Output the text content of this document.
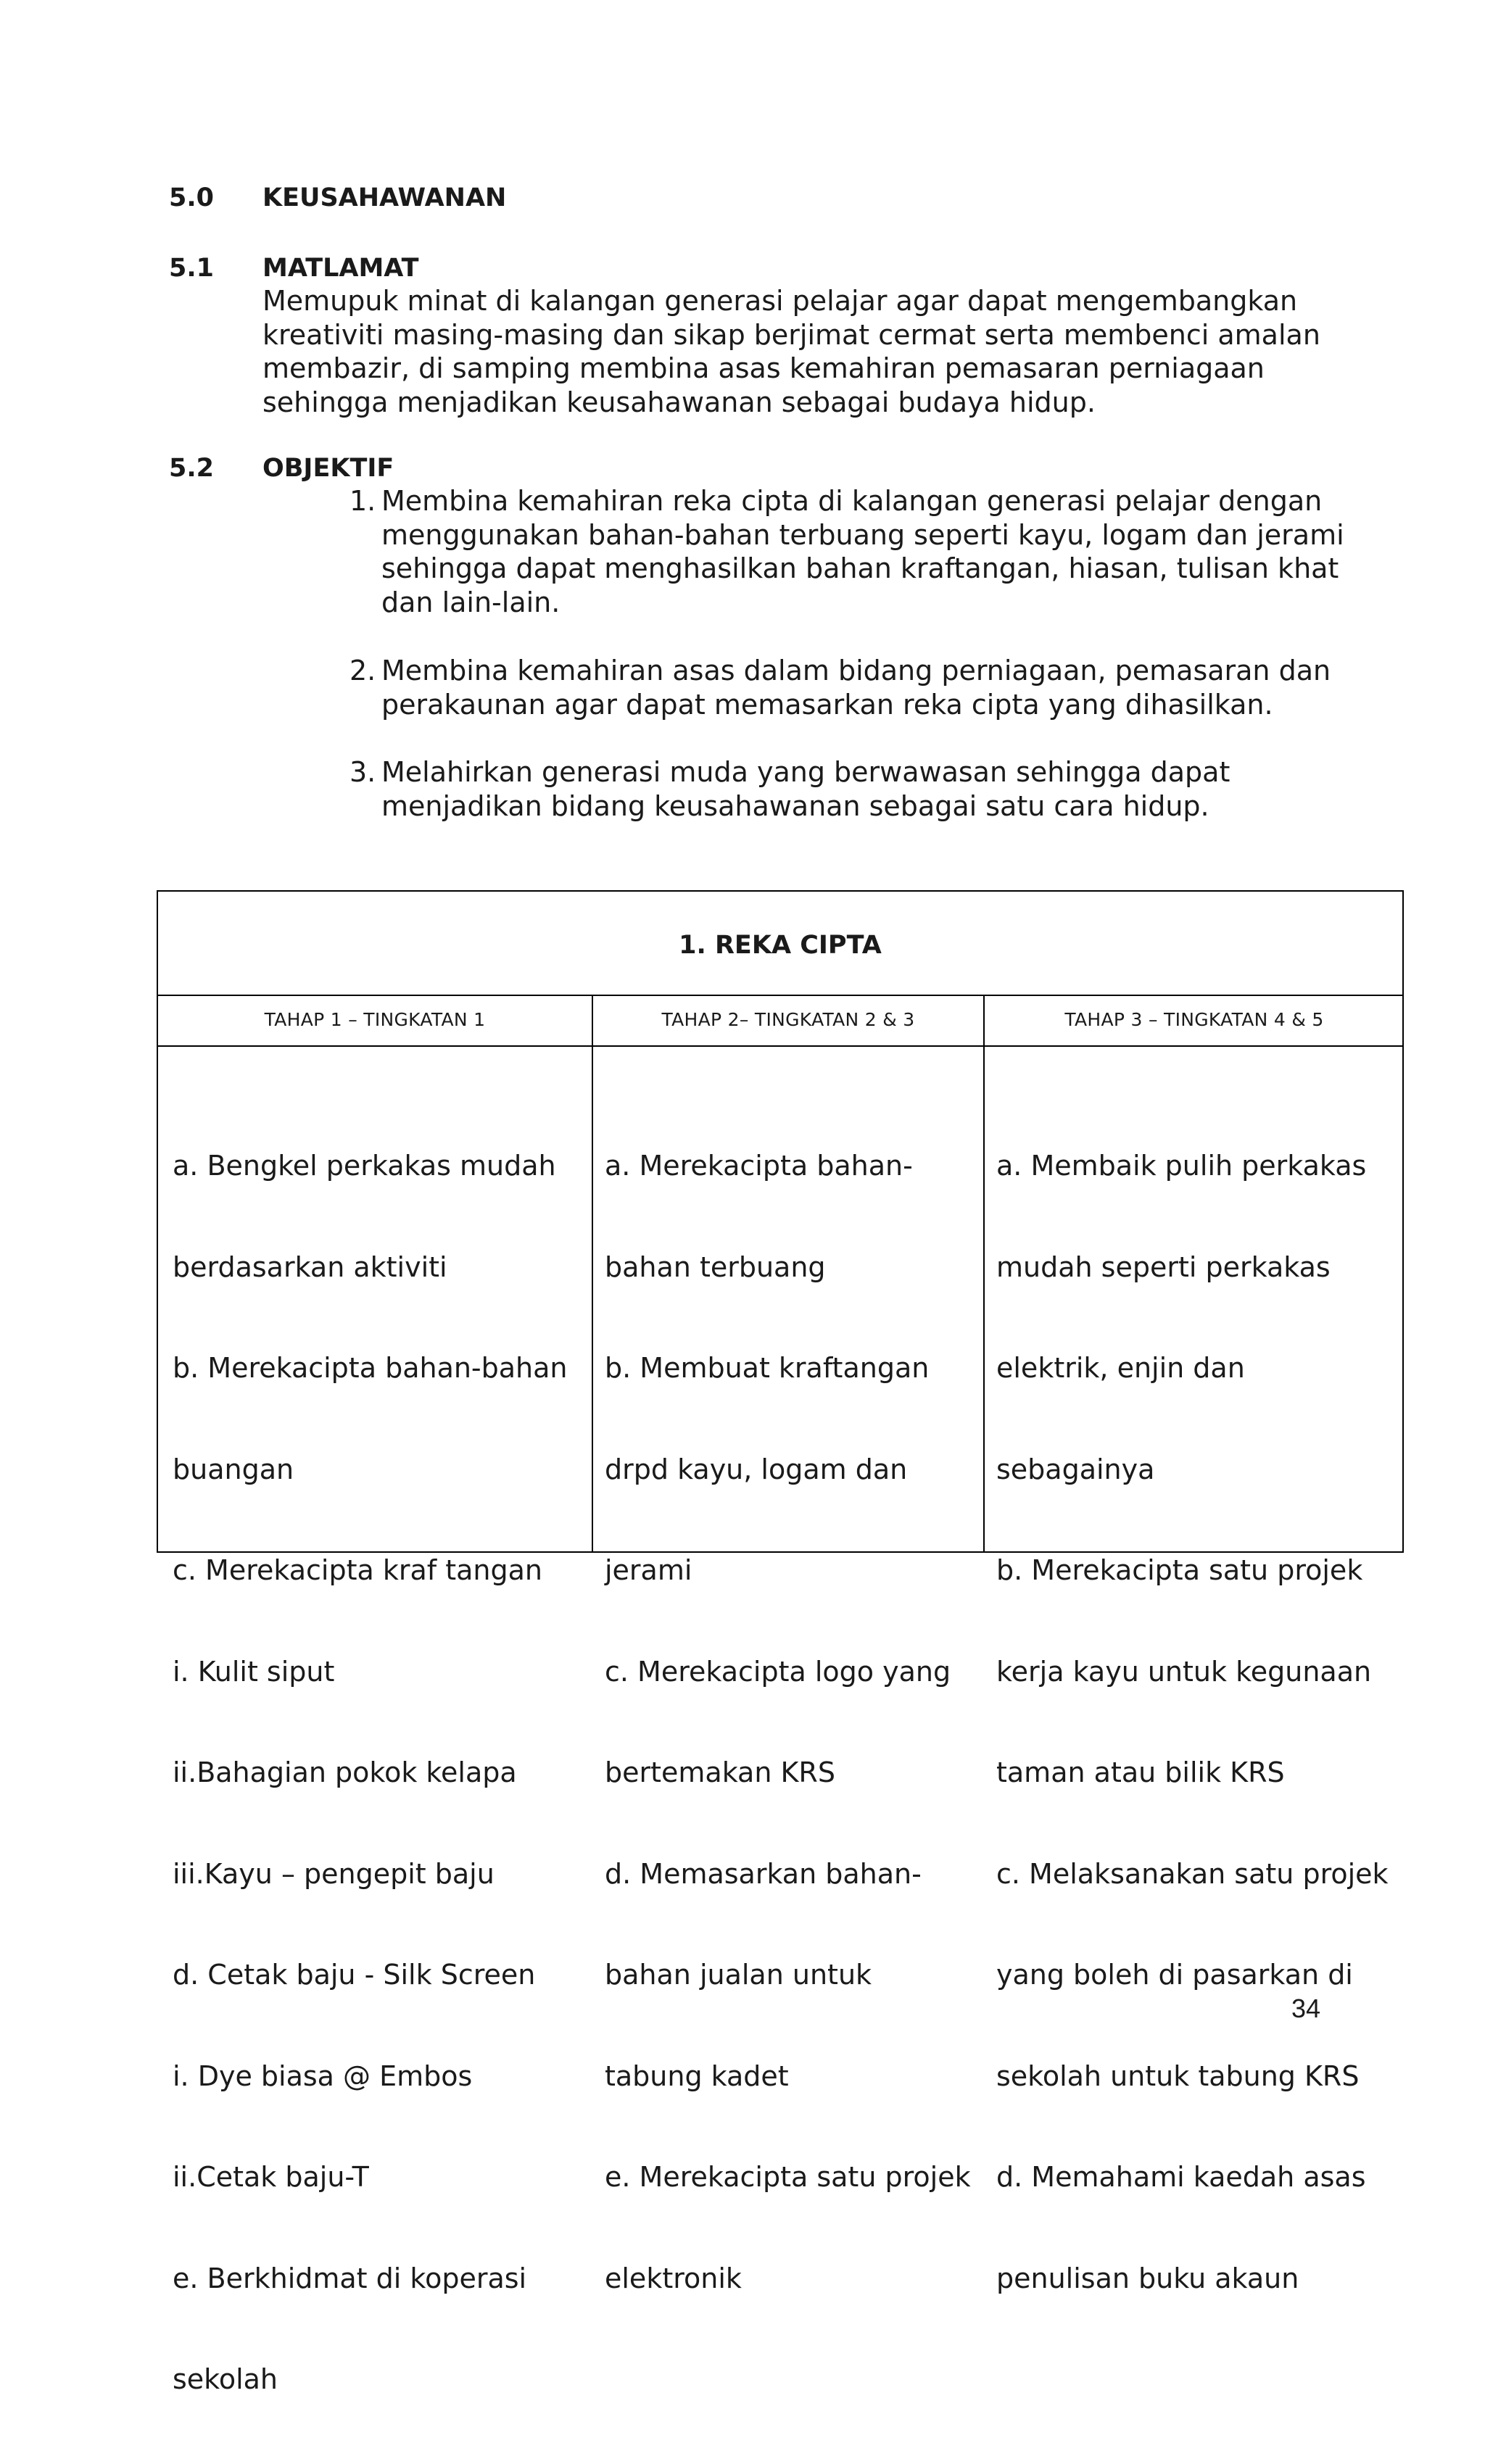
5.0 KEUSAHAWANAN
5.1 MATLAMAT
Memupuk minat di kalangan generasi pelajar agar dapat mengembangkan
kreativiti masing-masing dan sikap berjimat cermat serta membenci amalan
membazir, di samping membina asas kemahiran pemasaran perniagaan
sehingga menjadikan keusahawanan sebagai budaya hidup.
5.2 OBJEKTIF
1. Membina kemahiran reka cipta di kalangan generasi pelajar dengan
menggunakan bahan-bahan terbuang seperti kayu, logam dan jerami
sehingga dapat menghasilkan bahan kraftangan, hiasan, tulisan khat
dan lain-lain.
2. Membina kemahiran asas dalam bidang perniagaan, pemasaran dan
perakaunan agar dapat memasarkan reka cipta yang dihasilkan.
3. Melahirkan generasi muda yang berwawasan sehingga dapat
menjadikan bidang keusahawanan sebagai satu cara hidup.
1. REKA CIPTA
TAHAP 1 – TINGKATAN 1	TAHAP 2– TINGKATAN 2 & 3	TAHAP 3 – TINGKATAN 4 & 5

a. Bengkel perkakas mudah

berdasarkan aktiviti

b. Merekacipta bahan-bahan

buangan

c. Merekacipta kraf tangan

i. Kulit siput

ii.Bahagian pokok kelapa

iii.Kayu – pengepit baju

d. Cetak baju - Silk Screen

i. Dye biasa @ Embos

ii.Cetak baju-T

e. Berkhidmat di koperasi

sekolah

a. Merekacipta bahan-

bahan terbuang

b. Membuat kraftangan

drpd kayu, logam dan

jerami

c. Merekacipta logo yang

bertemakan KRS

d. Memasarkan bahan-

bahan jualan untuk

tabung kadet

e. Merekacipta satu projek

elektronik

a. Membaik pulih perkakas

mudah seperti perkakas

elektrik, enjin dan

sebagainya

b. Merekacipta satu projek

kerja kayu untuk kegunaan

taman atau bilik KRS

c. Melaksanakan satu projek

yang boleh di pasarkan di

sekolah untuk tabung KRS

d. Memahami kaedah asas

penulisan buku akaun

34
